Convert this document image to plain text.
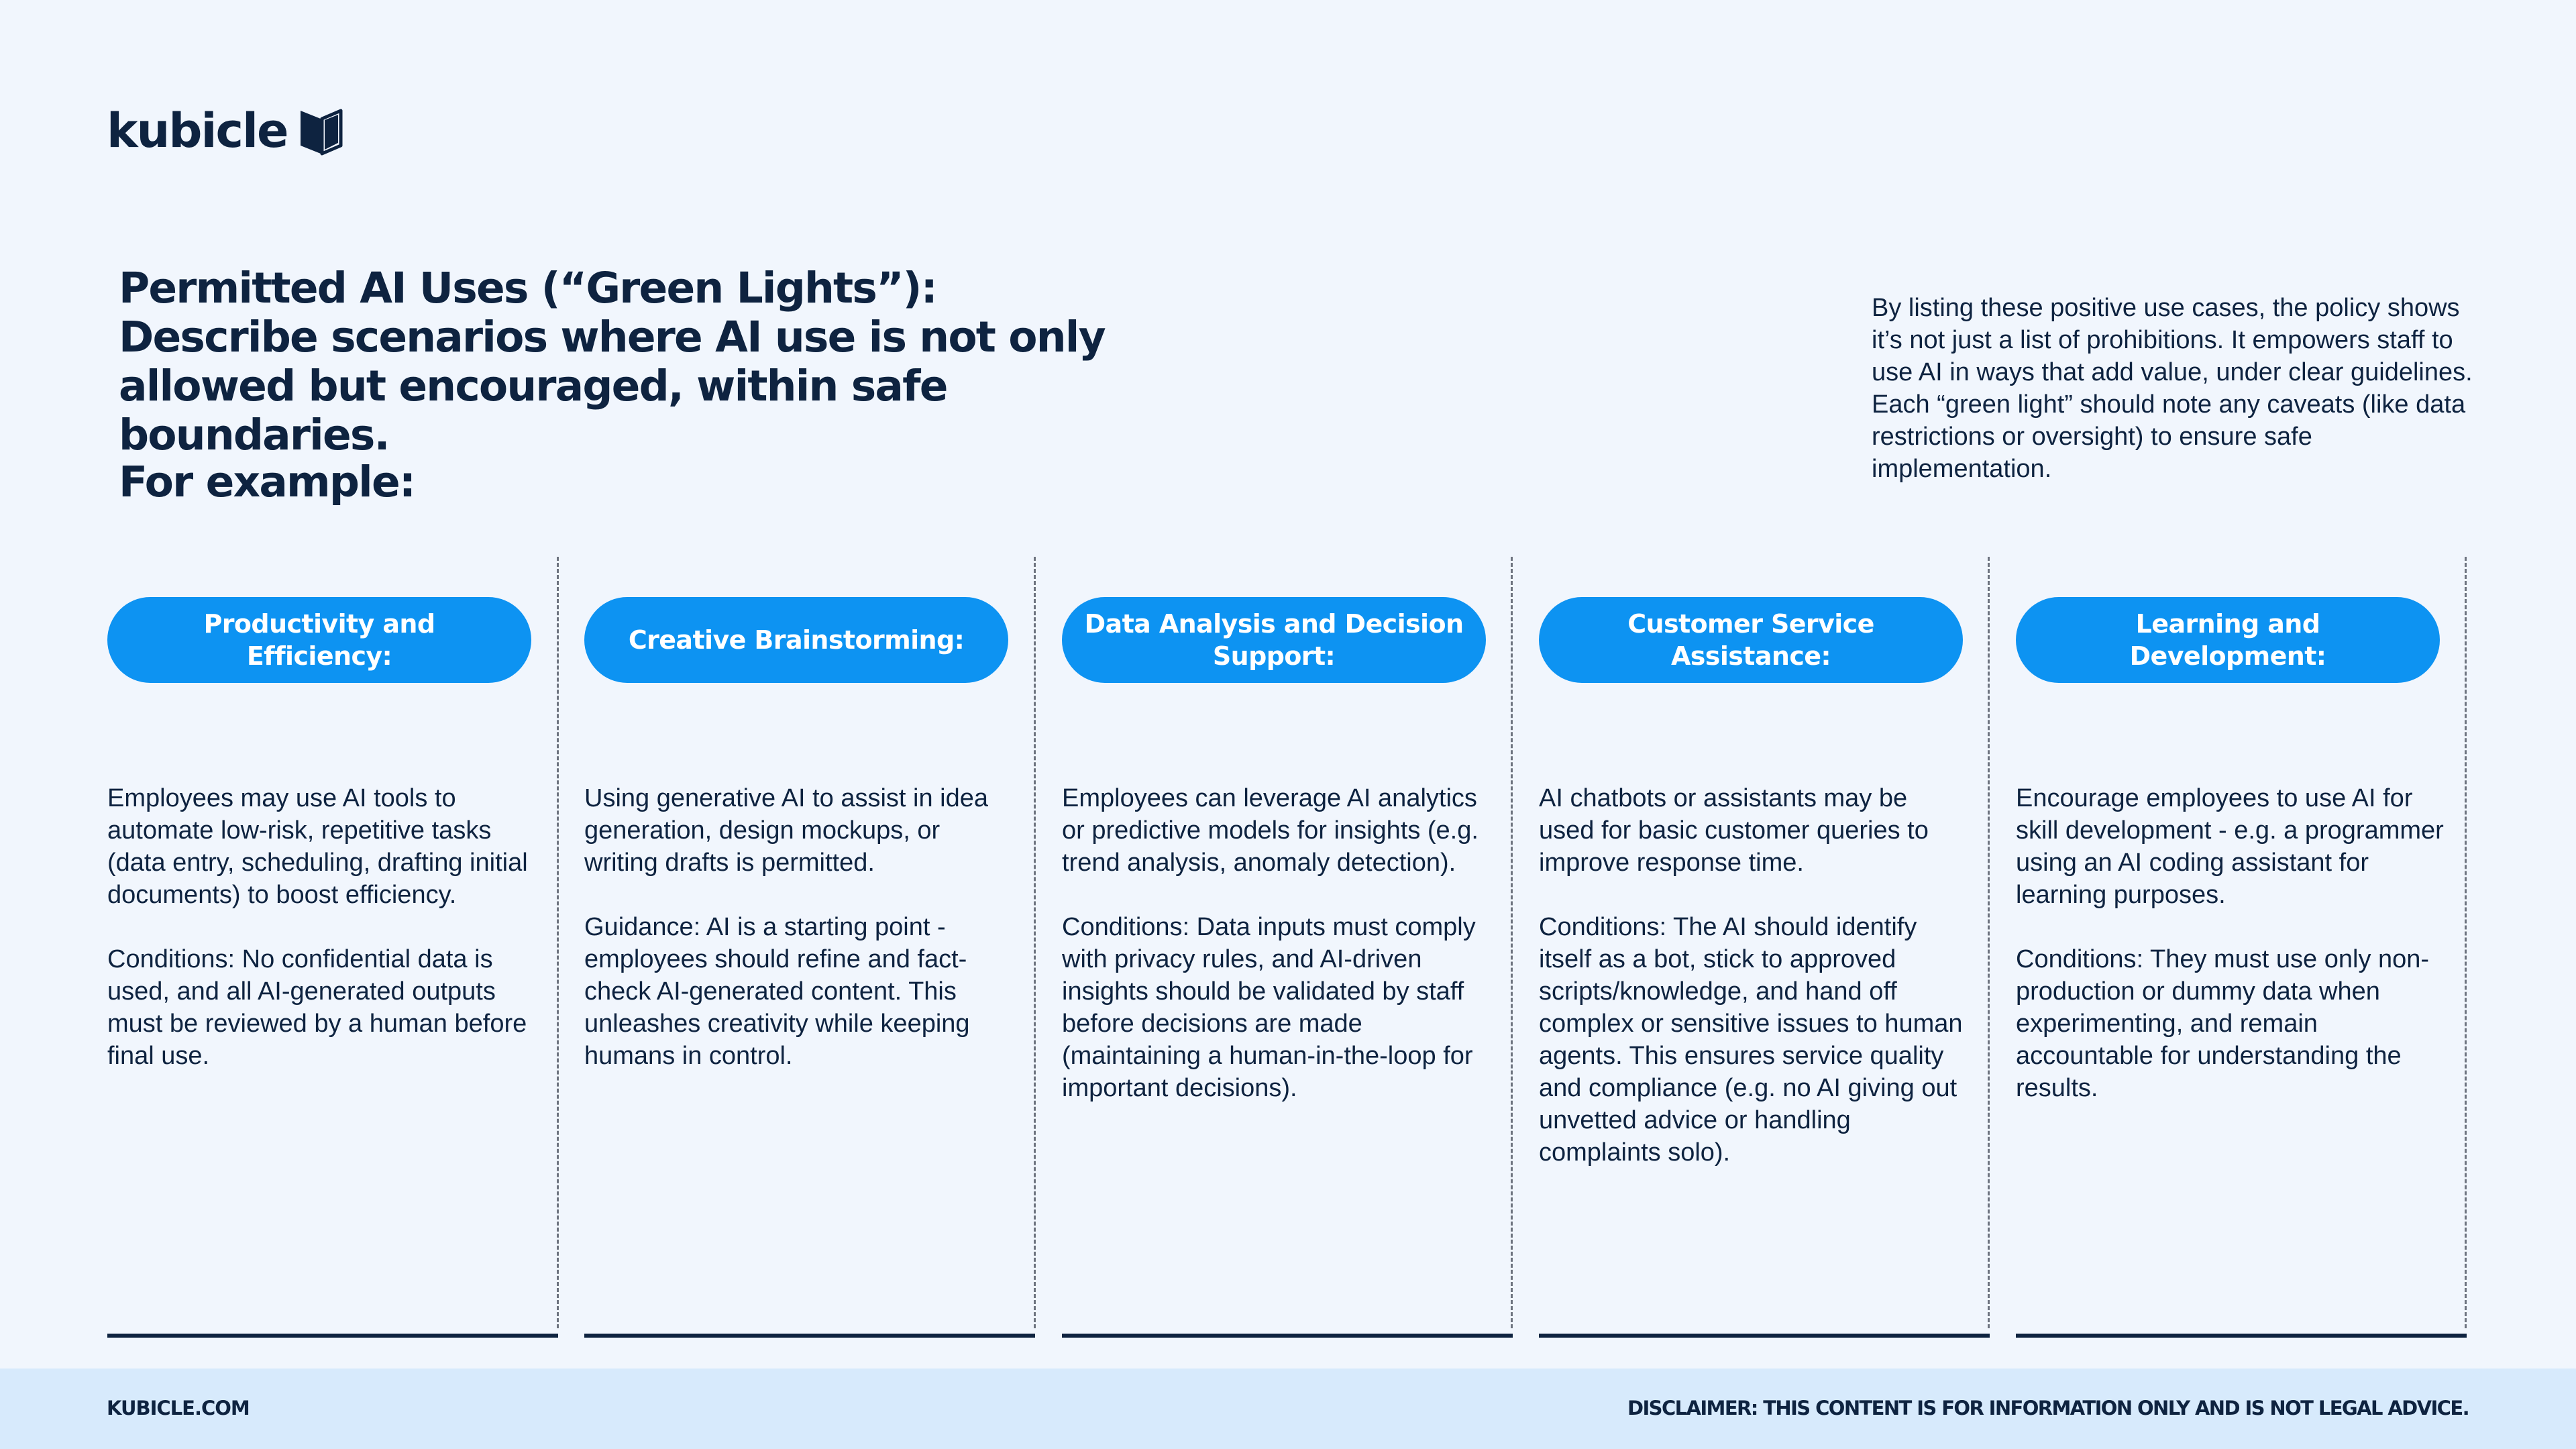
kubicle
Permitted AI Uses (“Green Lights”): Describe scenarios where AI use is not only allowed but encouraged, within safe boundaries.
For example:

By listing these positive use cases, the policy shows it’s not just a list of prohibitions. It empowers staff to use AI in ways that add value, under clear guidelines. Each “green light” should note any caveats (like data restrictions or oversight) to ensure safe implementation.

Productivity and Efficiency:

Employees may use AI tools to automate low-risk, repetitive tasks (data entry, scheduling, drafting initial documents) to boost efficiency.

Conditions: No confidential data is used, and all AI-generated outputs must be reviewed by a human before final use.

Creative Brainstorming:

Using generative AI to assist in idea generation, design mockups, or writing drafts is permitted.

Guidance: AI is a starting point - employees should refine and fact-check AI-generated content. This unleashes creativity while keeping humans in control.

Data Analysis and Decision Support:

Employees can leverage AI analytics or predictive models for insights (e.g. trend analysis, anomaly detection).

Conditions: Data inputs must comply with privacy rules, and AI-driven insights should be validated by staff before decisions are made (maintaining a human-in-the-loop for important decisions).

Customer Service Assistance:

AI chatbots or assistants may be used for basic customer queries to improve response time.

Conditions: The AI should identify itself as a bot, stick to approved scripts/knowledge, and hand off complex or sensitive issues to human agents. This ensures service quality and compliance (e.g. no AI giving out unvetted advice or handling complaints solo).

Learning and Development:

Encourage employees to use AI for skill development - e.g. a programmer using an AI coding assistant for learning purposes.

Conditions: They must use only non-production or dummy data when experimenting, and remain accountable for understanding the results.

KUBICLE.COM	DISCLAIMER: THIS CONTENT IS FOR INFORMATION ONLY AND IS NOT LEGAL ADVICE.
